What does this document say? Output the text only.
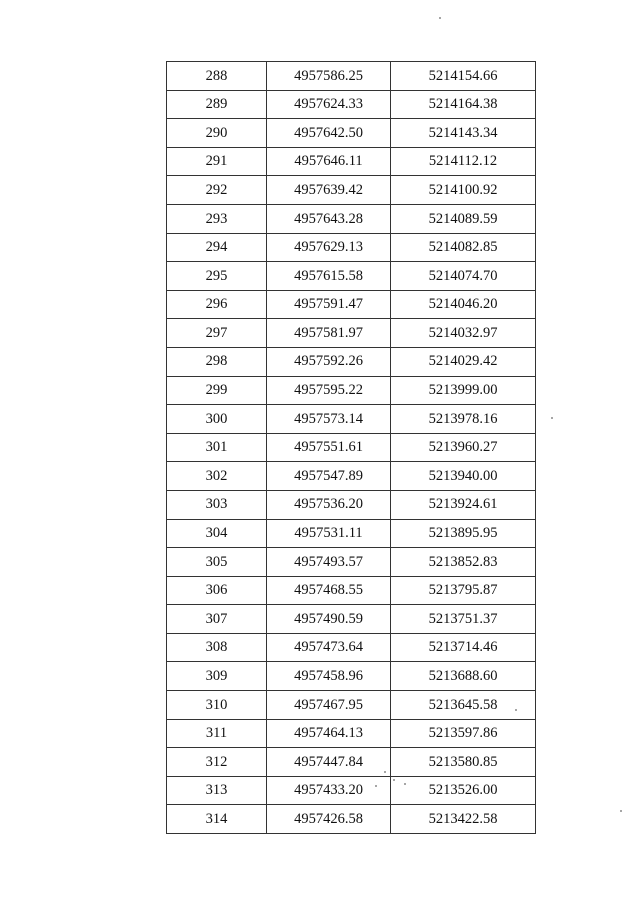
288	4957586.25	5214154.66
289	4957624.33	5214164.38
290	4957642.50	5214143.34
291	4957646.11	5214112.12
292	4957639.42	5214100.92
293	4957643.28	5214089.59
294	4957629.13	5214082.85
295	4957615.58	5214074.70
296	4957591.47	5214046.20
297	4957581.97	5214032.97
298	4957592.26	5214029.42
299	4957595.22	5213999.00
300	4957573.14	5213978.16
301	4957551.61	5213960.27
302	4957547.89	5213940.00
303	4957536.20	5213924.61
304	4957531.11	5213895.95
305	4957493.57	5213852.83
306	4957468.55	5213795.87
307	4957490.59	5213751.37
308	4957473.64	5213714.46
309	4957458.96	5213688.60
310	4957467.95	5213645.58
311	4957464.13	5213597.86
312	4957447.84	5213580.85
313	4957433.20	5213526.00
314	4957426.58	5213422.58
